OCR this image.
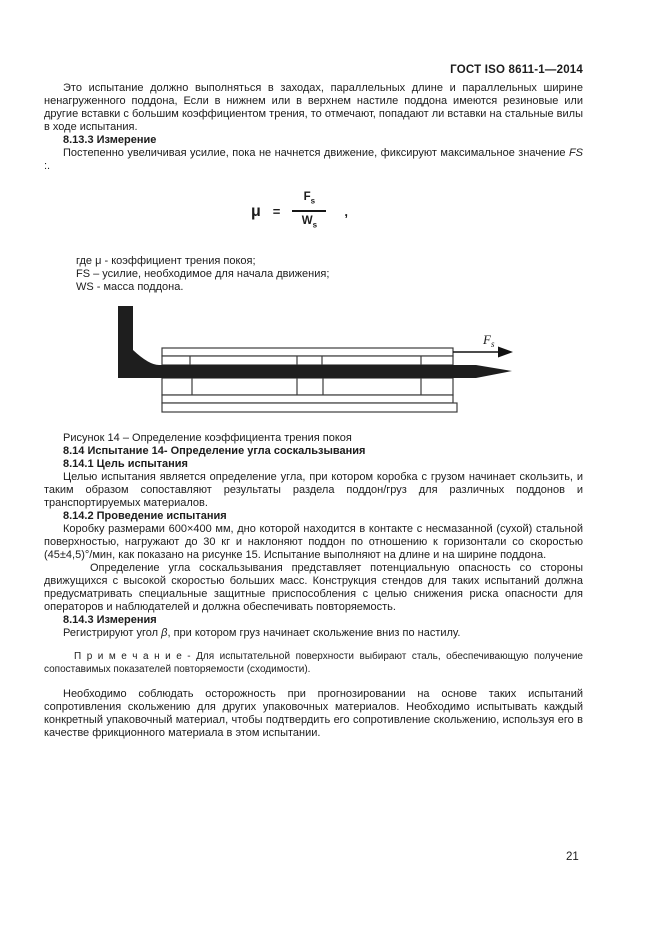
ГОСТ ISO 8611-1—2014

Это испытание должно выполняться в заходах, параллельных длине и параллельных ширине ненагруженного поддона, Если в нижнем или в верхнем настиле поддона имеются резиновые или другие вставки с большим коэффициентом трения, то отмечают, попадают ли вставки на стальные вилы в ходе испытания.

8.13.3 Измерение

Постепенно увеличивая усилие, пока не начнется движение, фиксируют максимальное значение FS :.

$\mu = \frac{F_s}{W_s}$ ,
где μ - коэффициент трения покоя;
FS – усилие, необходимое для начала движения;
WS - масса поддона.
$F_s$

Рисунок 14 – Определение коэффициента трения покоя

8.14 Испытание 14- Определение угла соскальзывания

8.14.1 Цель испытания

Целью испытания является определение угла, при котором коробка с грузом начинает скользить, и таким образом сопоставляют результаты раздела поддон/груз для различных поддонов и транспортируемых материалов.

8.14.2 Проведение испытания

Коробку размерами 600×400 мм, дно которой находится в контакте с несмазанной (сухой) стальной поверхностью, нагружают до 30 кг и наклоняют поддон по отношению к горизонтали со скоростью (45±4,5)°/мин, как показано на рисунке 15. Испытание выполняют на длине и на ширине поддона.

Определение угла соскальзывания представляет потенциальную опасность со стороны движущихся с высокой скоростью больших масс. Конструкция стендов для таких испытаний должна предусматривать специальные защитные приспособления с целью снижения риска опасности для операторов и наблюдателей и должна обеспечивать повторяемость.

8.14.3 Измерения

Регистрируют угол β, при котором груз начинает скольжение вниз по настилу.

П р и м е ч а н и е - Для испытательной поверхности выбирают сталь, обеспечивающую получение сопоставимых показателей повторяемости (сходимости).

Необходимо соблюдать осторожность при прогнозировании на основе таких испытаний сопротивления скольжению для других упаковочных материалов. Необходимо испытывать каждый конкретный упаковочный материал, чтобы подтвердить его сопротивление скольжению, используя его в качестве фрикционного материала в этом испытании.

21
